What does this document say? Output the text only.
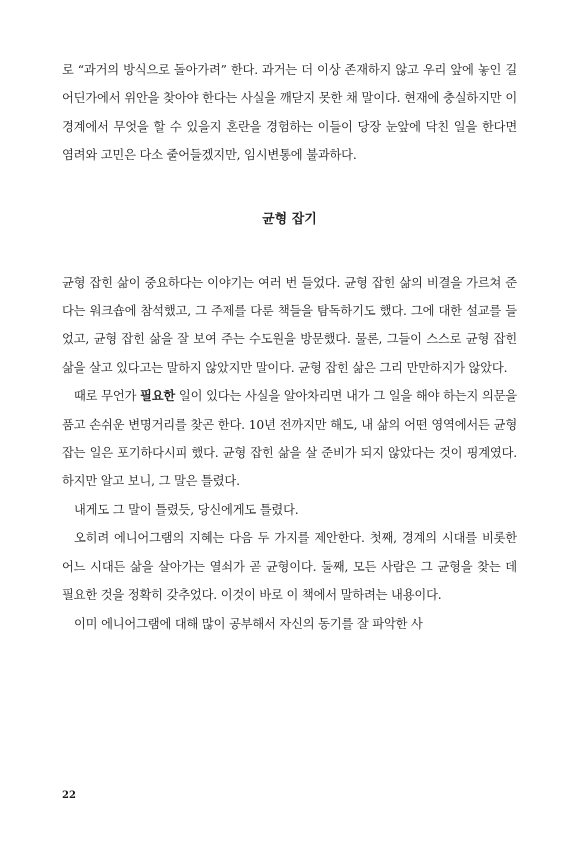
로 “과거의 방식으로 돌아가려” 한다. 과거는 더 이상 존재하지 않고 우리 앞에 놓인 길 어딘가에서 위안을 찾아야 한다는 사실을 깨닫지 못한 채 말이다. 현재에 충실하지만 이 경계에서 무엇을 할 수 있을지 혼란을 경험하는 이들이 당장 눈앞에 닥친 일을 한다면 염려와 고민은 다소 줄어들겠지만, 임시변통에 불과하다.

균형 잡기

균형 잡힌 삶이 중요하다는 이야기는 여러 번 들었다. 균형 잡힌 삶의 비결을 가르쳐 준다는 워크숍에 참석했고, 그 주제를 다룬 책들을 탐독하기도 했다. 그에 대한 설교를 들었고, 균형 잡힌 삶을 잘 보여 주는 수도원을 방문했다. 물론, 그들이 스스로 균형 잡힌 삶을 살고 있다고는 말하지 않았지만 말이다. 균형 잡힌 삶은 그리 만만하지가 않았다.

때로 무언가 필요한 일이 있다는 사실을 알아차리면 내가 그 일을 해야 하는지 의문을 품고 손쉬운 변명거리를 찾곤 한다. 10년 전까지만 해도, 내 삶의 어떤 영역에서든 균형 잡는 일은 포기하다시피 했다. 균형 잡힌 삶을 살 준비가 되지 않았다는 것이 핑계였다. 하지만 알고 보니, 그 말은 틀렸다.

내게도 그 말이 틀렸듯, 당신에게도 틀렸다.

오히려 에니어그램의 지혜는 다음 두 가지를 제안한다. 첫째, 경계의 시대를 비롯한 어느 시대든 삶을 살아가는 열쇠가 곧 균형이다. 둘째, 모든 사람은 그 균형을 찾는 데 필요한 것을 정확히 갖추었다. 이것이 바로 이 책에서 말하려는 내용이다.

이미 에니어그램에 대해 많이 공부해서 자신의 동기를 잘 파악한 사

22
